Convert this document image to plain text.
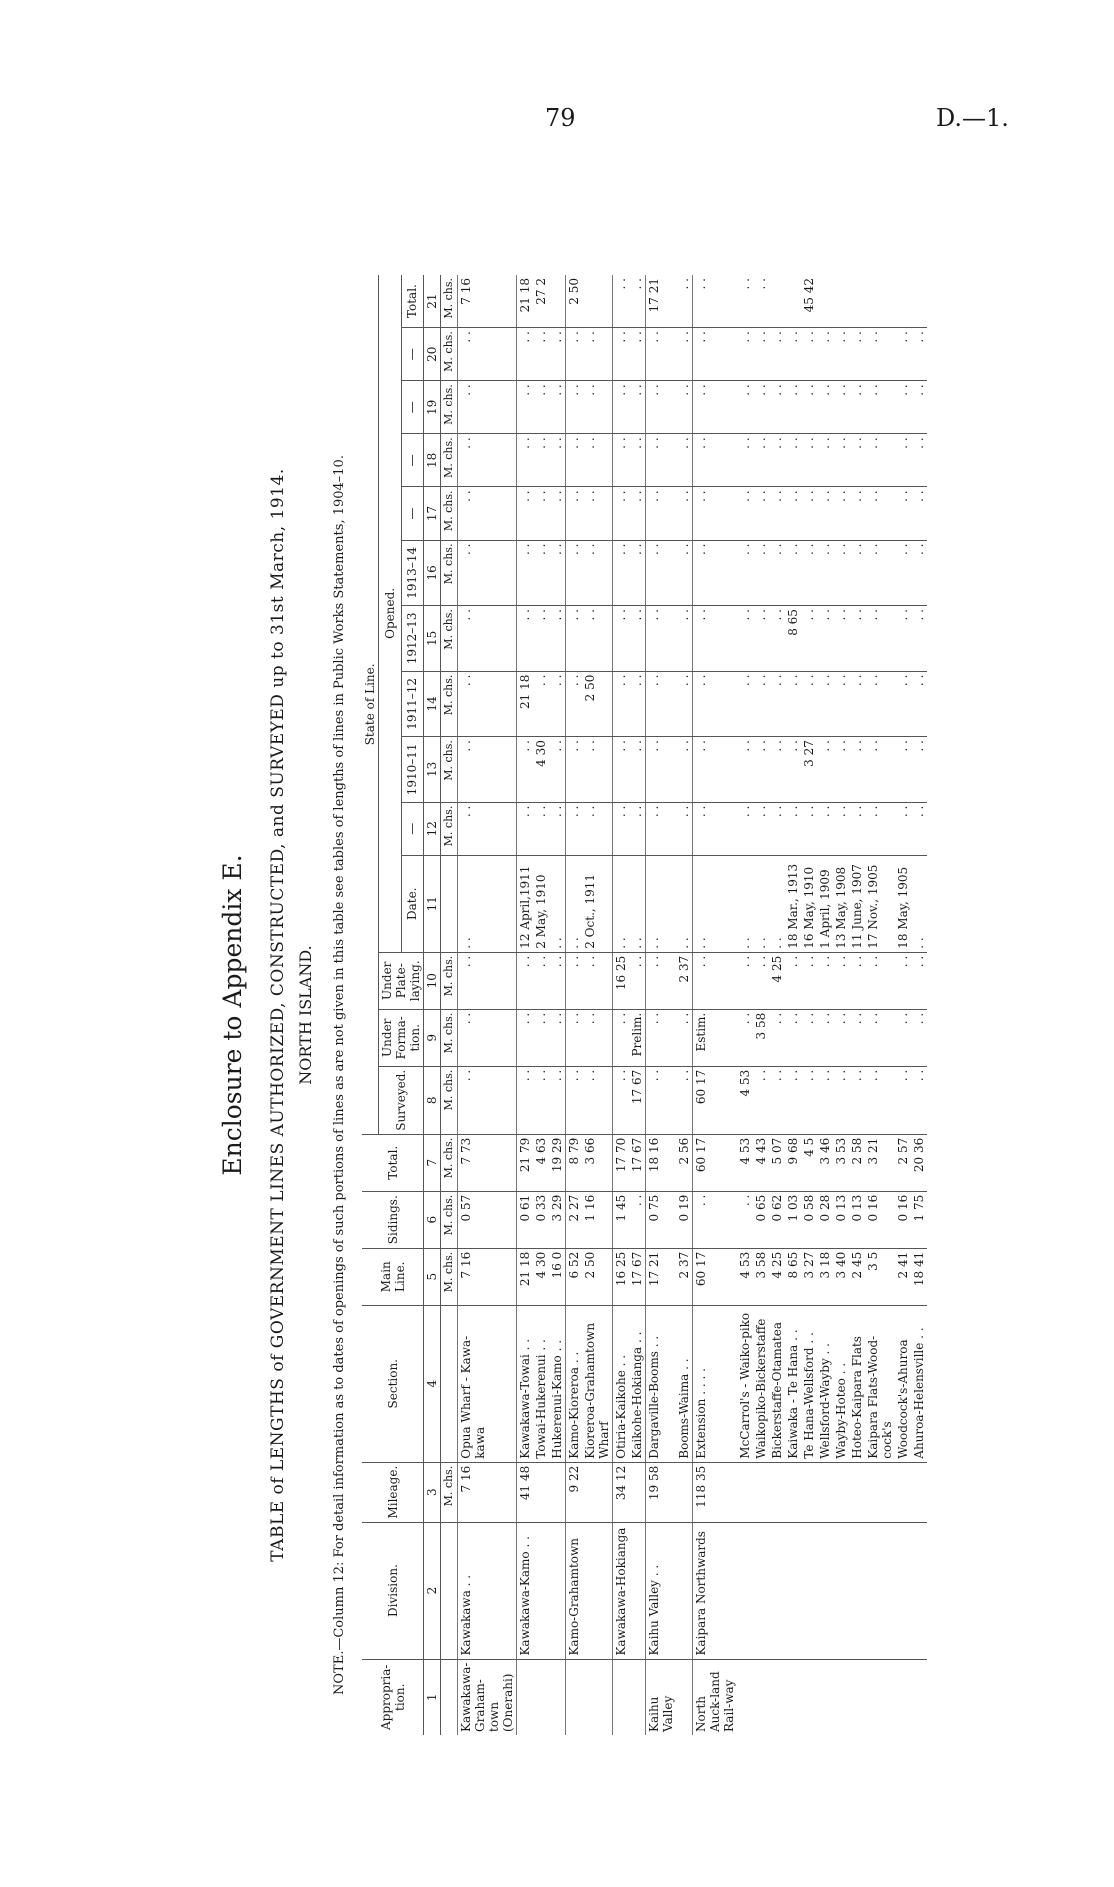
79	D.—1.
Enclosure to Appendix E. TABLE of LENGTHS of GOVERNMENT LINES AUTHORIZED, CONSTRUCTED, and SURVEYED up to 31st March, 1914. NORTH ISLAND. NOTE.—Column 12: For detail information as to dates of openings of such portions of lines as are not given in this table see tables of lengths of lines in Public Works Statements, 1904–10.
Appropria-tion.	Division.	Mileage.	Section.	Main Line.	Sidings.	Total.	State of Line.													
							Surveyed.	Under Forma-tion.	Under Plate-laying.	Opened.										
										Date.	—	1910–11	1911–12	1912–13	1913–14	—	—	—	—	Total.
1	2	3	4	5	6	7	8	9	10	11	12	13	14	15	16	17	18	19	20	21
		M. chs.		M. chs.	M. chs.	M. chs.	M. chs.	M. chs.	M. chs.		M. chs.	M. chs.	M. chs.	M. chs.	M. chs.	M. chs.	M. chs.	M. chs.	M. chs.	M. chs.
Kawakawa-Graham-town (Onerahi)	Kawakawa . .	7 16	Opua Wharf - Kawa-kawa	7 16	0 57	7 73	. .	. .	. .	. .	. .	. .	. .	. .	. .	. .	. .	. .	. .	7 16
	Kawakawa-Kamo . .	41 48	Kawakawa-Towai . .	21 18	0 61	21 79	. .	. .	. .	12 April,1911	. .	. .	21 18	. .	. .	. .	. .	. .	. .	21 18
			Towai-Hukerenui . .	4 30	0 33	4 63	. .	. .	. .	2 May, 1910	. .	4 30	. .	. .	. .	. .	. .	. .	. .	27 2
			Hukerenui-Kamo . .	16 0	3 29	19 29	. .	. .	. .	. .	. .	. .	. .	. .	. .	. .	. .	. .	. .	
	Kamo-Grahamtown	9 22	Kamo-Kioreroa . .	6 52	2 27	8 79	. .	. .	. .	. .	. .	. .	. .	. .	. .	. .	. .	. .	. .	2 50
			Kioreroa-Grahamtown Wharf	2 50	1 16	3 66	. .	. .	. .	2 Oct., 1911	. .	. .	2 50	. .	. .	. .	. .	. .	. .	
	Kawakawa-Hokianga	34 12	Otiria-Kaikohe . .	16 25	1 45	17 70	. .	. .	16 25	. .	. .	. .	. .	. .	. .	. .	. .	. .	. .	. .
			Kaikohe-Hokianga . .	17 67	. .	17 67	17 67	Prelim.	. .	. .	. .	. .	. .	. .	. .	. .	. .	. .	. .	. .
Kaihu Valley	Kaihu Valley . .	19 58	Dargaville-Booms . .	17 21	0 75	18 16	. .	. .	. .	. .	. .	. .	. .	. .	. .	. .	. .	. .	. .	17 21
			Booms-Waima . .	2 37	0 19	2 56	. .	. .	2 37	. .	. .	. .	. .	. .	. .	. .	. .	. .	. .	. .
North Auck-land Rail-way	Kaipara Northwards	118 35	Extension . . . .	60 17	. .	60 17	60 17	Estim.	. .	. .	. .	. .	. .	. .	. .	. .	. .	. .	. .	. .
			McCarrol's - Waiko-piko	4 53	. .	4 53	4 53	. .	. .	. .	. .	. .	. .	. .	. .	. .	. .	. .	. .	. .
			Waikopiko-Bickerstaffe	3 58	0 65	4 43	. .	3 58	. .	. .	. .	. .	. .	. .	. .	. .	. .	. .	. .	. .
			Bickerstaffe-Otamatea	4 25	0 62	5 07	. .	. .	4 25	. .	. .	. .	. .	. .	. .	. .	. .	. .	. .	
			Kaiwaka - Te Hana . .	8 65	1 03	9 68	. .	. .	. .	18 Mar., 1913	. .	. .	. .	8 65	. .	. .	. .	. .	. .	
			Te Hana-Wellsford . .	3 27	0 58	4 5	. .	. .	. .	16 May, 1910	. .	3 27	. .	. .	. .	. .	. .	. .	. .	45 42
			Wellsford-Wayby . .	3 18	0 28	3 46	. .	. .	. .	1 April, 1909	. .	. .	. .	. .	. .	. .	. .	. .	. .	
			Wayby-Hoteo . .	3 40	0 13	3 53	. .	. .	. .	13 May, 1908	. .	. .	. .	. .	. .	. .	. .	. .	. .	
			Hoteo-Kaipara Flats	2 45	0 13	2 58	. .	. .	. .	11 June, 1907	. .	. .	. .	. .	. .	. .	. .	. .	. .	
			Kaipara Flats-Wood-cock's	3 5	0 16	3 21	. .	. .	. .	17 Nov., 1905	. .	. .	. .	. .	. .	. .	. .	. .	. .	
			Woodcock's-Ahuroa	2 41	0 16	2 57	. .	. .	. .	18 May, 1905	. .	. .	. .	. .	. .	. .	. .	. .	. .	
			Ahuroa-Helensville . .	18 41	1 75	20 36	. .	. .	. .	. .	. .	. .	. .	. .	. .	. .	. .	. .	. .	
